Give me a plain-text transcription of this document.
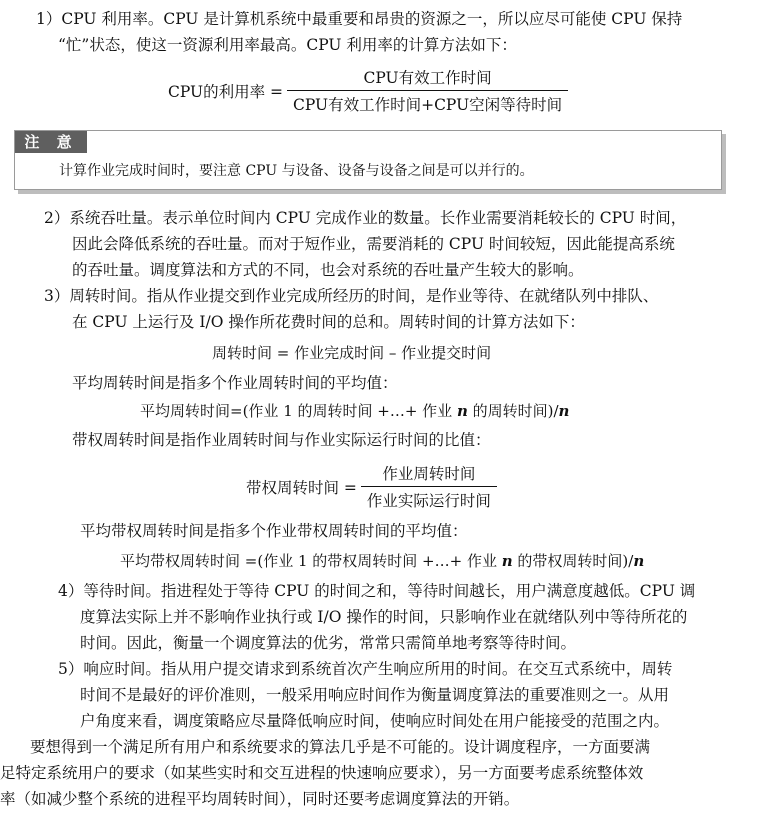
1）CPU 利用率。CPU 是计算机系统中最重要和昂贵的资源之一，所以应尽可能使 CPU 保持
“忙”状态，使这一资源利用率最高。CPU 利用率的计算方法如下：
CPU的利用率 = $\frac{\text{CPU有效工作时间}}{\text{CPU有效工作时间+CPU空闲等待时间}}$
注 意
计算作业完成时间时，要注意 CPU 与设备、设备与设备之间是可以并行的。
2）系统吞吐量。表示单位时间内 CPU 完成作业的数量。长作业需要消耗较长的 CPU 时间，
因此会降低系统的吞吐量。而对于短作业，需要消耗的 CPU 时间较短，因此能提高系统
的吞吐量。调度算法和方式的不同，也会对系统的吞吐量产生较大的影响。
3）周转时间。指从作业提交到作业完成所经历的时间，是作业等待、在就绪队列中排队、
在 CPU 上运行及 I/O 操作所花费时间的总和。周转时间的计算方法如下：
周转时间 = 作业完成时间 – 作业提交时间
平均周转时间是指多个作业周转时间的平均值：
平均周转时间=(作业 1 的周转时间 +…+ 作业 n 的周转时间)/n
带权周转时间是指作业周转时间与作业实际运行时间的比值：
带权周转时间 = $\frac{\text{作业周转时间}}{\text{作业实际运行时间}}$
平均带权周转时间是指多个作业带权周转时间的平均值：
平均带权周转时间 =(作业 1 的带权周转时间 +…+ 作业 n 的带权周转时间)/n
4）等待时间。指进程处于等待 CPU 的时间之和，等待时间越长，用户满意度越低。CPU 调
度算法实际上并不影响作业执行或 I/O 操作的时间，只影响作业在就绪队列中等待所花的
时间。因此，衡量一个调度算法的优劣，常常只需简单地考察等待时间。
5）响应时间。指从用户提交请求到系统首次产生响应所用的时间。在交互式系统中，周转
时间不是最好的评价准则，一般采用响应时间作为衡量调度算法的重要准则之一。从用
户角度来看，调度策略应尽量降低响应时间，使响应时间处在用户能接受的范围之内。
要想得到一个满足所有用户和系统要求的算法几乎是不可能的。设计调度程序，一方面要满
足特定系统用户的要求（如某些实时和交互进程的快速响应要求），另一方面要考虑系统整体效
率（如减少整个系统的进程平均周转时间），同时还要考虑调度算法的开销。
